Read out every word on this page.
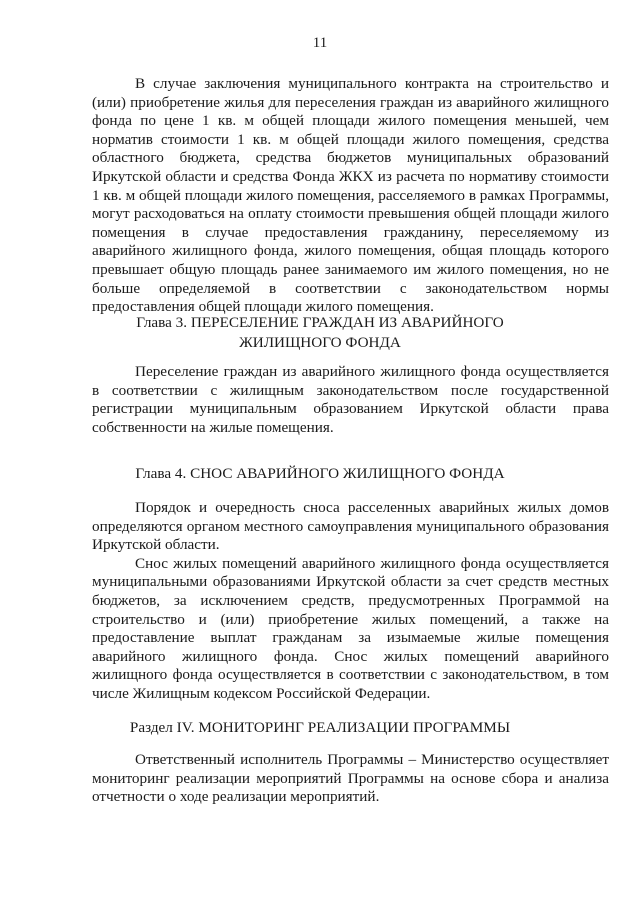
11

В случае заключения муниципального контракта на строительство и (или) приобретение жилья для переселения граждан из аварийного жилищного фонда по цене 1 кв. м общей площади жилого помещения меньшей, чем норматив стоимости 1 кв. м общей площади жилого помещения, средства областного бюджета, средства бюджетов муниципальных образований Иркутской области и средства Фонда ЖКХ из расчета по нормативу стоимости 1 кв. м общей площади жилого помещения, расселяемого в рамках Программы, могут расходоваться на оплату стоимости превышения общей площади жилого помещения в случае предоставления гражданину, переселяемому из аварийного жилищного фонда, жилого помещения, общая площадь которого превышает общую площадь ранее занимаемого им жилого помещения, но не больше определяемой в соответствии с законодательством нормы предоставления общей площади жилого помещения.

Глава 3. ПЕРЕСЕЛЕНИЕ ГРАЖДАН ИЗ АВАРИЙНОГО
ЖИЛИЩНОГО ФОНДА

Переселение граждан из аварийного жилищного фонда осуществляется в соответствии с жилищным законодательством после государственной регистрации муниципальным образованием Иркутской области права собственности на жилые помещения.

Глава 4. СНОС АВАРИЙНОГО ЖИЛИЩНОГО ФОНДА

Порядок и очередность сноса расселенных аварийных жилых домов определяются органом местного самоуправления муниципального образования Иркутской области.

Снос жилых помещений аварийного жилищного фонда осуществляется муниципальными образованиями Иркутской области за счет средств местных бюджетов, за исключением средств, предусмотренных Программой на строительство и (или) приобретение жилых помещений, а также на предоставление выплат гражданам за изымаемые жилые помещения аварийного жилищного фонда. Снос жилых помещений аварийного жилищного фонда осуществляется в соответствии с законодательством, в том числе Жилищным кодексом Российской Федерации.

Раздел IV. МОНИТОРИНГ РЕАЛИЗАЦИИ ПРОГРАММЫ

Ответственный исполнитель Программы – Министерство осуществляет мониторинг реализации мероприятий Программы на основе сбора и анализа отчетности о ходе реализации мероприятий.
